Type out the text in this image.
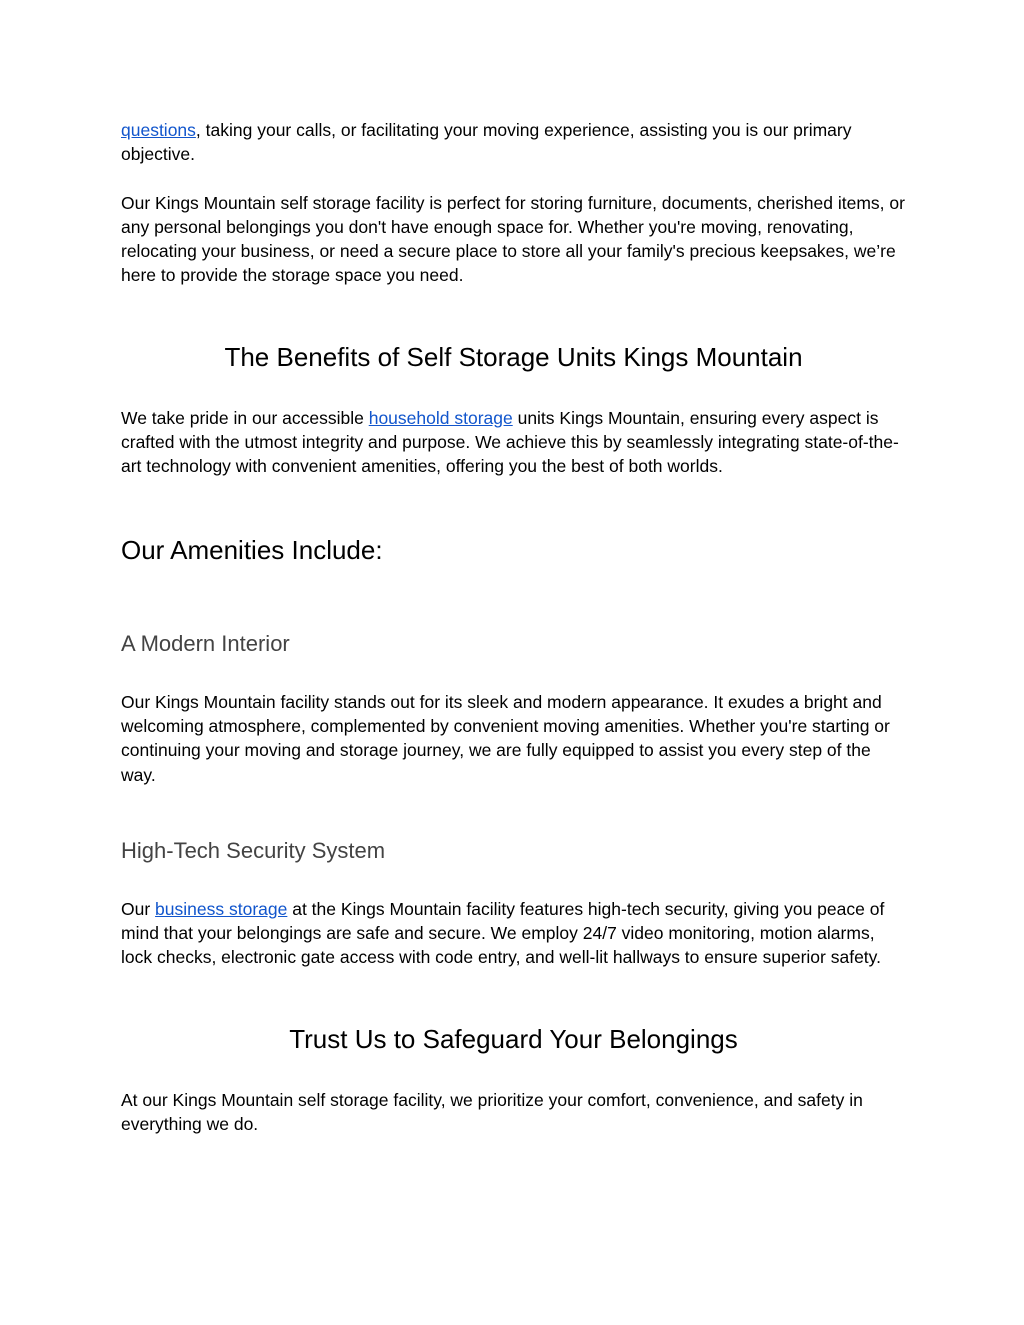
questions, taking your calls, or facilitating your moving experience, assisting you is our primary objective.

Our Kings Mountain self storage facility is perfect for storing furniture, documents, cherished items, or any personal belongings you don't have enough space for. Whether you're moving, renovating, relocating your business, or need a secure place to store all your family's precious keepsakes, we’re here to provide the storage space you need.

The Benefits of Self Storage Units Kings Mountain

We take pride in our accessible household storage units Kings Mountain, ensuring every aspect is crafted with the utmost integrity and purpose. We achieve this by seamlessly integrating state-of-the-art technology with convenient amenities, offering you the best of both worlds.

Our Amenities Include:
A Modern Interior

Our Kings Mountain facility stands out for its sleek and modern appearance. It exudes a bright and welcoming atmosphere, complemented by convenient moving amenities. Whether you're starting or continuing your moving and storage journey, we are fully equipped to assist you every step of the way.

High-Tech Security System

Our business storage at the Kings Mountain facility features high-tech security, giving you peace of mind that your belongings are safe and secure. We employ 24/7 video monitoring, motion alarms, lock checks, electronic gate access with code entry, and well-lit hallways to ensure superior safety.

Trust Us to Safeguard Your Belongings

At our Kings Mountain self storage facility, we prioritize your comfort, convenience, and safety in everything we do.
